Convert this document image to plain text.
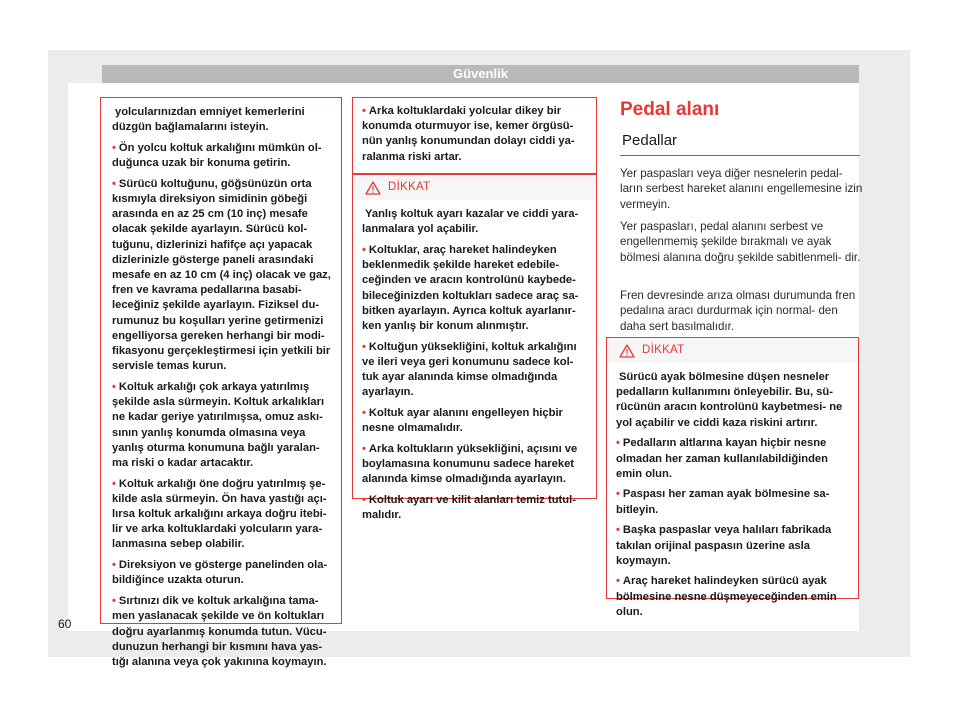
Güvenlik

yolcularınızdan emniyet kemerlerini düzgün bağlamalarını isteyin.

• Ön yolcu koltuk arkalığını mümkün ol- duğunca uzak bir konuma getirin.

• Sürücü koltuğunu, göğsünüzün orta kısmıyla direksiyon simidinin göbeği arasında en az 25 cm (10 inç) mesafe olacak şekilde ayarlayın. Sürücü kol- tuğunu, dizlerinizi hafifçe açı yapacak dizlerinizle gösterge paneli arasındaki mesafe en az 10 cm (4 inç) olacak ve gaz, fren ve kavrama pedallarına basabi- leceğiniz şekilde ayarlayın. Fiziksel du- rumunuz bu koşulları yerine getirmenizi engelliyorsa gereken herhangi bir modi- fikasyonu gerçekleştirmesi için yetkili bir servisle temas kurun.

• Koltuk arkalığı çok arkaya yatırılmış şekilde asla sürmeyin. Koltuk arkalıkları ne kadar geriye yatırılmışsa, omuz askı- sının yanlış konumda olmasına veya yanlış oturma konumuna bağlı yaralan- ma riski o kadar artacaktır.

• Koltuk arkalığı öne doğru yatırılmış şe- kilde asla sürmeyin. Ön hava yastığı açı- lırsa koltuk arkalığını arkaya doğru itebi- lir ve arka koltuklardaki yolcuların yara- lanmasına sebep olabilir.

• Direksiyon ve gösterge panelinden ola- bildiğince uzakta oturun.

• Sırtınızı dik ve koltuk arkalığına tama- men yaslanacak şekilde ve ön koltukları doğru ayarlanmış konumda tutun. Vücu- dunuzun herhangi bir kısmını hava yas- tığı alanına veya çok yakınına koymayın.

• Arka koltuklardaki yolcular dikey bir konumda oturmuyor ise, kemer örgüsü- nün yanlış konumundan dolayı ciddi ya- ralanma riski artar.

DİKKAT

Yanlış koltuk ayarı kazalar ve ciddi yara- lanmalara yol açabilir.

• Koltuklar, araç hareket halindeyken beklenmedik şekilde hareket edebile- ceğinden ve aracın kontrolünü kaybede- bileceğinizden koltukları sadece araç sa- bitken ayarlayın. Ayrıca koltuk ayarlanır- ken yanlış bir konum alınmıştır.

• Koltuğun yüksekliğini, koltuk arkalığını ve ileri veya geri konumunu sadece kol- tuk ayar alanında kimse olmadığında ayarlayın.

• Koltuk ayar alanını engelleyen hiçbir nesne olmamalıdır.

• Arka koltukların yüksekliğini, açısını ve boylamasına konumunu sadece hareket alanında kimse olmadığında ayarlayın.

• Koltuk ayarı ve kilit alanları temiz tutul- malıdır.

Pedal alanı
Pedallar

Yer paspasları veya diğer nesnelerin pedal- ların serbest hareket alanını engellemesine izin vermeyin.

Yer paspasları, pedal alanını serbest ve engellenmemiş şekilde bırakmalı ve ayak bölmesi alanına doğru şekilde sabitlenmeli- dir.

Fren devresinde arıza olması durumunda fren pedalına aracı durdurmak için normal- den daha sert basılmalıdır.

DİKKAT

Sürücü ayak bölmesine düşen nesneler pedalların kullanımını önleyebilir. Bu, sü- rücünün aracın kontrolünü kaybetmesi- ne yol açabilir ve ciddi kaza riskini artırır.

• Pedalların altlarına kayan hiçbir nesne olmadan her zaman kullanılabildiğinden emin olun.

• Paspası her zaman ayak bölmesine sa- bitleyin.

• Başka paspaslar veya halıları fabrikada takılan orijinal paspasın üzerine asla koymayın.

• Araç hareket halindeyken sürücü ayak bölmesine nesne düşmeyeceğinden emin olun.

60
